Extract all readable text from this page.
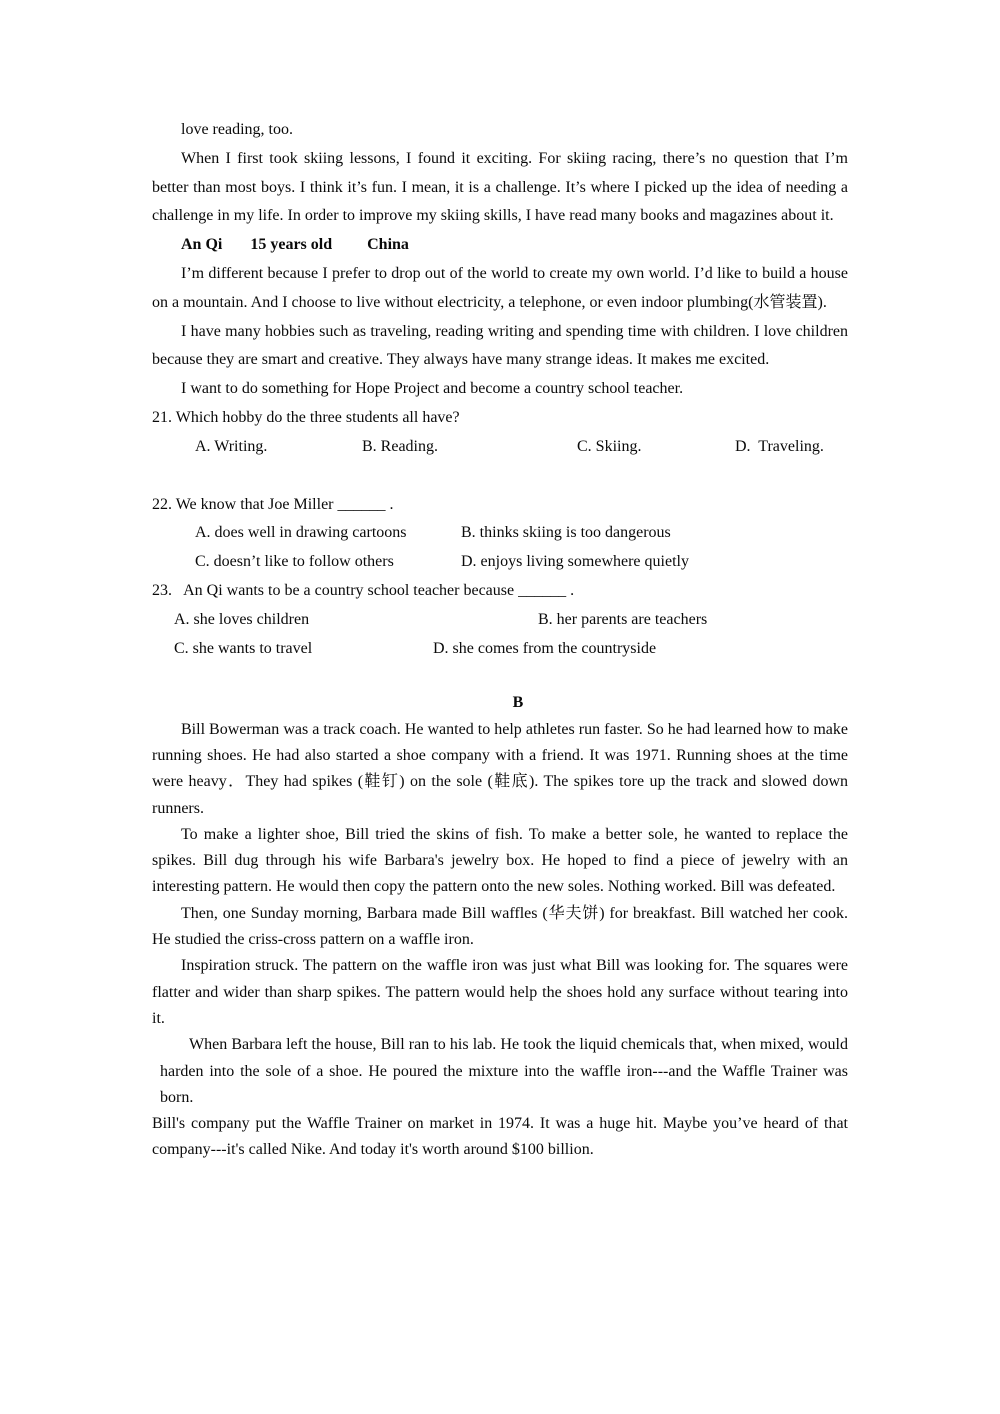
love reading, too.

When I first took skiing lessons, I found it exciting. For skiing racing, there’s no question that I’m better than most boys. I think it’s fun. I mean, it is a challenge. It’s where I picked up the idea of needing a challenge in my life. In order to improve my skiing skills, I have read many books and magazines about it.

An Qi 15 years old China

I’m different because I prefer to drop out of the world to create my own world. I’d like to build a house on a mountain. And I choose to live without electricity, a telephone, or even indoor plumbing(水管装置).

I have many hobbies such as traveling, reading writing and spending time with children. I love children because they are smart and creative. They always have many strange ideas. It makes me excited.

I want to do something for Hope Project and become a country school teacher.

21. Which hobby do the three students all have?

A. Writing.	B. Reading.	C. Skiing.	D.  Traveling.

22. We know that Joe Miller ______ .

A. does well in drawing cartoons	B. thinks skiing is too dangerous
C. doesn’t like to follow others	D. enjoys living somewhere quietly

23.   An Qi wants to be a country school teacher because ______ .

A. she loves children	B. her parents are teachers
C. she wants to travel	D. she comes from the countryside

B

Bill Bowerman was a track coach. He wanted to help athletes run faster. So he had learned how to make running shoes. He had also started a shoe company with a friend. It was 1971. Running shoes at the time were heavy．They had spikes (鞋钉) on the sole (鞋底). The spikes tore up the track and slowed down runners.

To make a lighter shoe, Bill tried the skins of fish. To make a better sole, he wanted to replace the spikes. Bill dug through his wife Barbara's jewelry box. He hoped to find a piece of jewelry with an interesting pattern. He would then copy the pattern onto the new soles. Nothing worked. Bill was defeated.

Then, one Sunday morning, Barbara made Bill waffles (华夫饼) for breakfast. Bill watched her cook. He studied the criss-cross pattern on a waffle iron.

Inspiration struck. The pattern on the waffle iron was just what Bill was looking for. The squares were flatter and wider than sharp spikes. The pattern would help the shoes hold any surface without tearing into it.

When Barbara left the house, Bill ran to his lab. He took the liquid chemicals that, when mixed, would harden into the sole of a shoe. He poured the mixture into the waffle iron---and the Waffle Trainer was born.

Bill's company put the Waffle Trainer on market in 1974. It was a huge hit. Maybe you’ve heard of that company---it's called Nike. And today it's worth around $100 billion.
